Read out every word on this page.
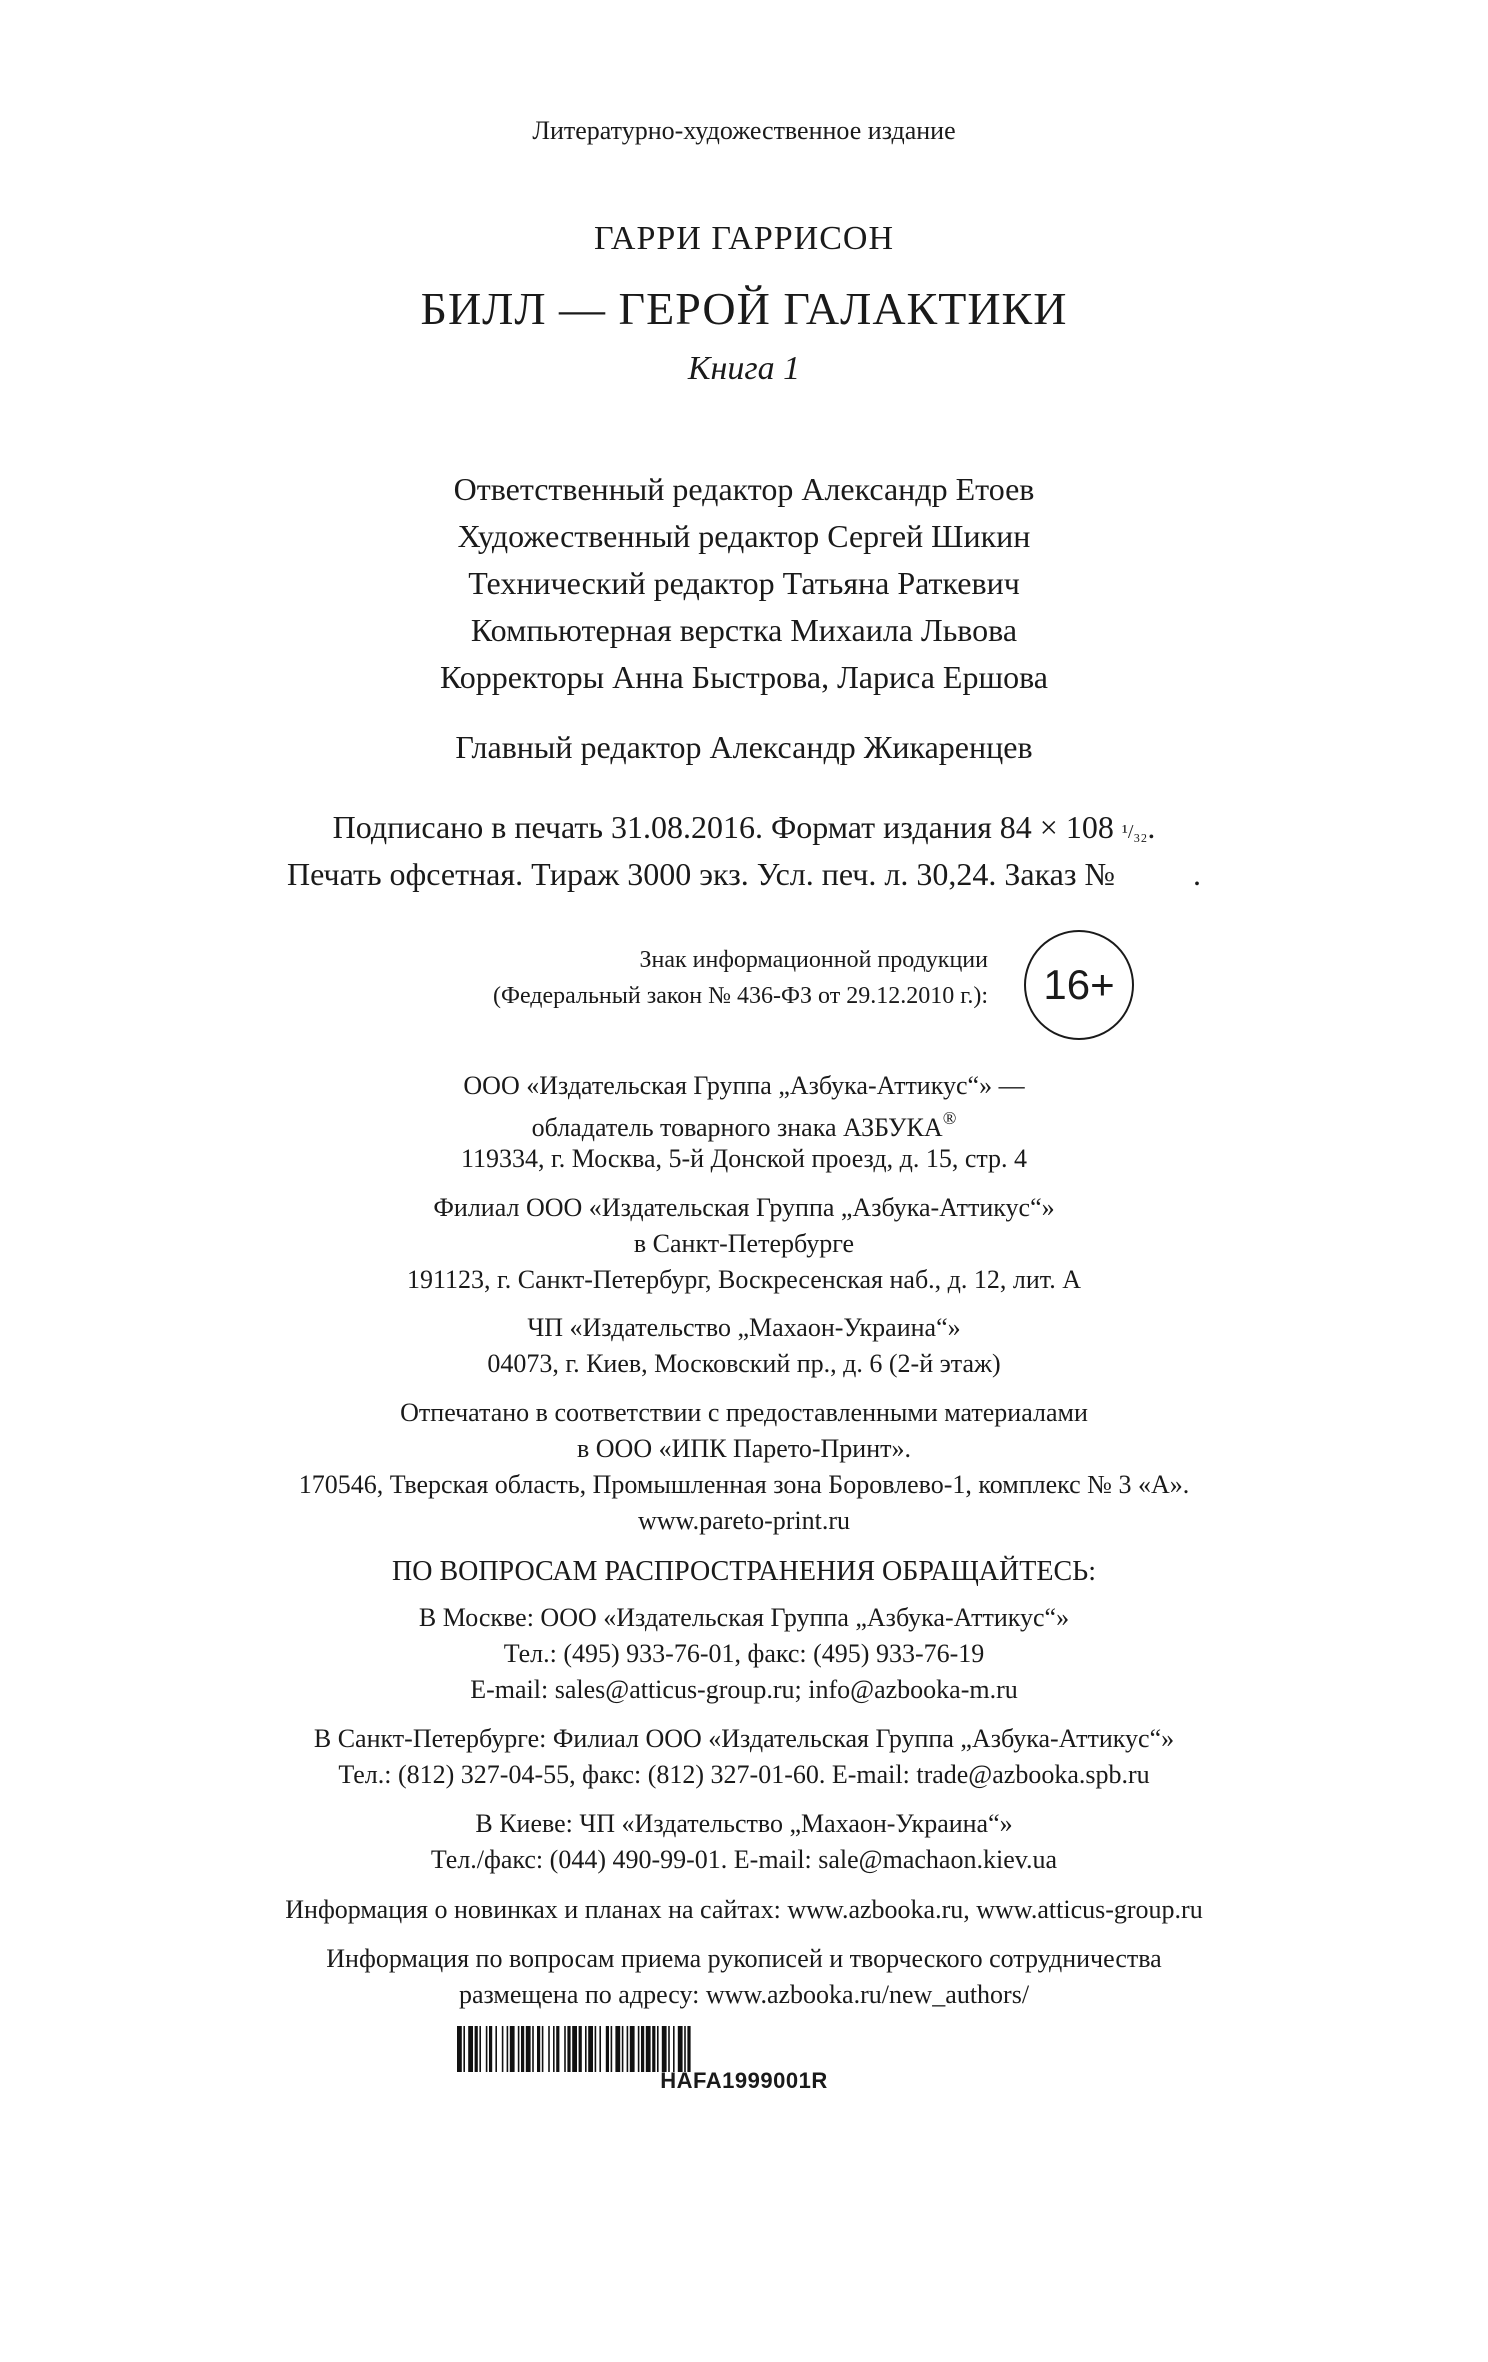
Литературно-художественное издание
ГАРРИ ГАРРИСОН
БИЛЛ — ГЕРОЙ ГАЛАКТИКИ
Книга 1
Ответственный редактор Александр Етоев
Художественный редактор Сергей Шикин
Технический редактор Татьяна Раткевич
Компьютерная верстка Михаила Львова
Корректоры Анна Быстрова, Лариса Ершова
Главный редактор Александр Жикаренцев
Подписано в печать 31.08.2016. Формат издания 84 × 108 ¹/₃₂.
Печать офсетная. Тираж 3000 экз. Усл. печ. л. 30,24. Заказ № .
Знак информационной продукции
(Федеральный закон № 436-ФЗ от 29.12.2010 г.):	16+
ООО «Издательская Группа „Азбука-Аттикус“» —
обладатель товарного знака АЗБУКА®
119334, г. Москва, 5-й Донской проезд, д. 15, стр. 4
Филиал ООО «Издательская Группа „Азбука-Аттикус“»
в Санкт-Петербурге
191123, г. Санкт-Петербург, Воскресенская наб., д. 12, лит. А
ЧП «Издательство „Махаон-Украина“»
04073, г. Киев, Московский пр., д. 6 (2-й этаж)
Отпечатано в соответствии с предоставленными материалами
в ООО «ИПК Парето-Принт».
170546, Тверская область, Промышленная зона Боровлево-1, комплекс № 3 «А».
www.pareto-print.ru
ПО ВОПРОСАМ РАСПРОСТРАНЕНИЯ ОБРАЩАЙТЕСЬ:
В Москве: ООО «Издательская Группа „Азбука-Аттикус“»
Тел.: (495) 933-76-01, факс: (495) 933-76-19
E-mail: sales@atticus-group.ru; info@azbooka-m.ru
В Санкт-Петербурге: Филиал ООО «Издательская Группа „Азбука-Аттикус“»
Тел.: (812) 327-04-55, факс: (812) 327-01-60. E-mail: trade@azbooka.spb.ru
В Киеве: ЧП «Издательство „Махаон-Украина“»
Тел./факс: (044) 490-99-01. E-mail: sale@machaon.kiev.ua
Информация о новинках и планах на сайтах: www.azbooka.ru, www.atticus-group.ru
Информация по вопросам приема рукописей и творческого сотрудничества
размещена по адресу: www.azbooka.ru/new_authors/
HAFA1999001R
